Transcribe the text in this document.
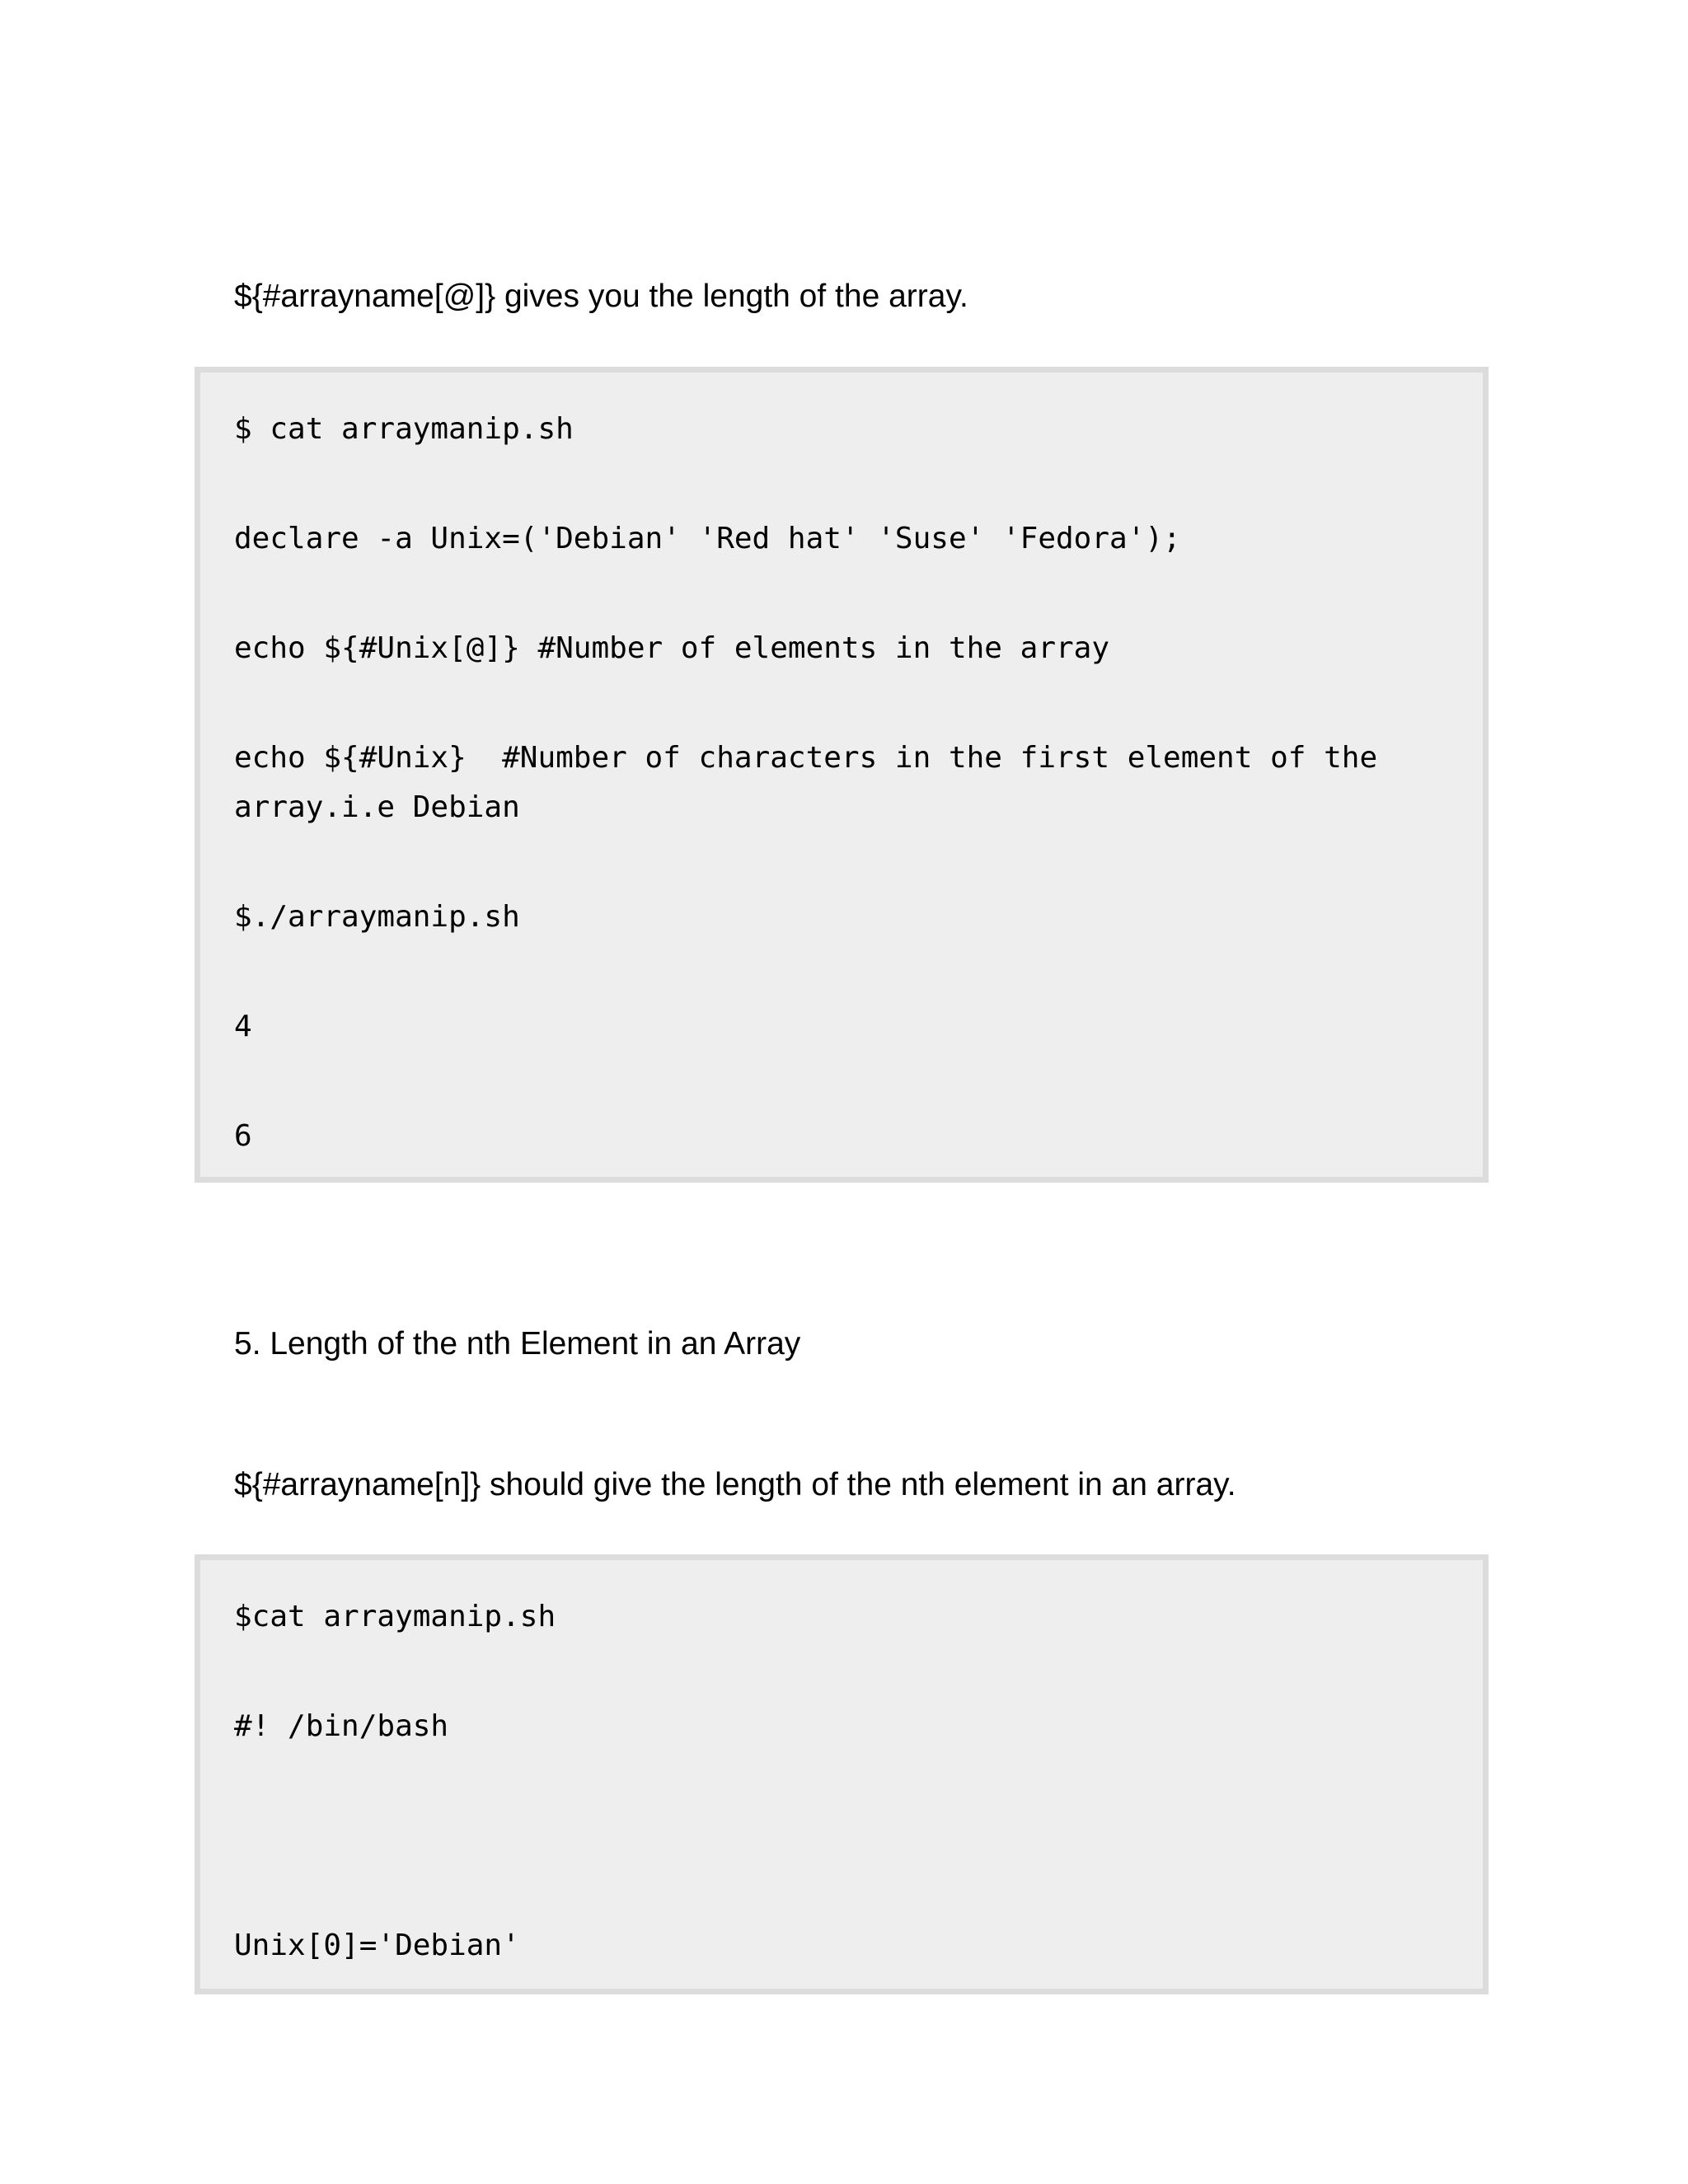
${#arrayname[@]} gives you the length of the array.

$ cat arraymanip.sh
declare -a Unix=('Debian' 'Red hat' 'Suse' 'Fedora');
echo ${#Unix[@]} #Number of elements in the array
echo ${#Unix}  #Number of characters in the first element of the
array.i.e Debian
$./arraymanip.sh
4
6

5. Length of the nth Element in an Array

${#arrayname[n]} should give the length of the nth element in an array.

$cat arraymanip.sh
#! /bin/bash
Unix[0]='Debian'
